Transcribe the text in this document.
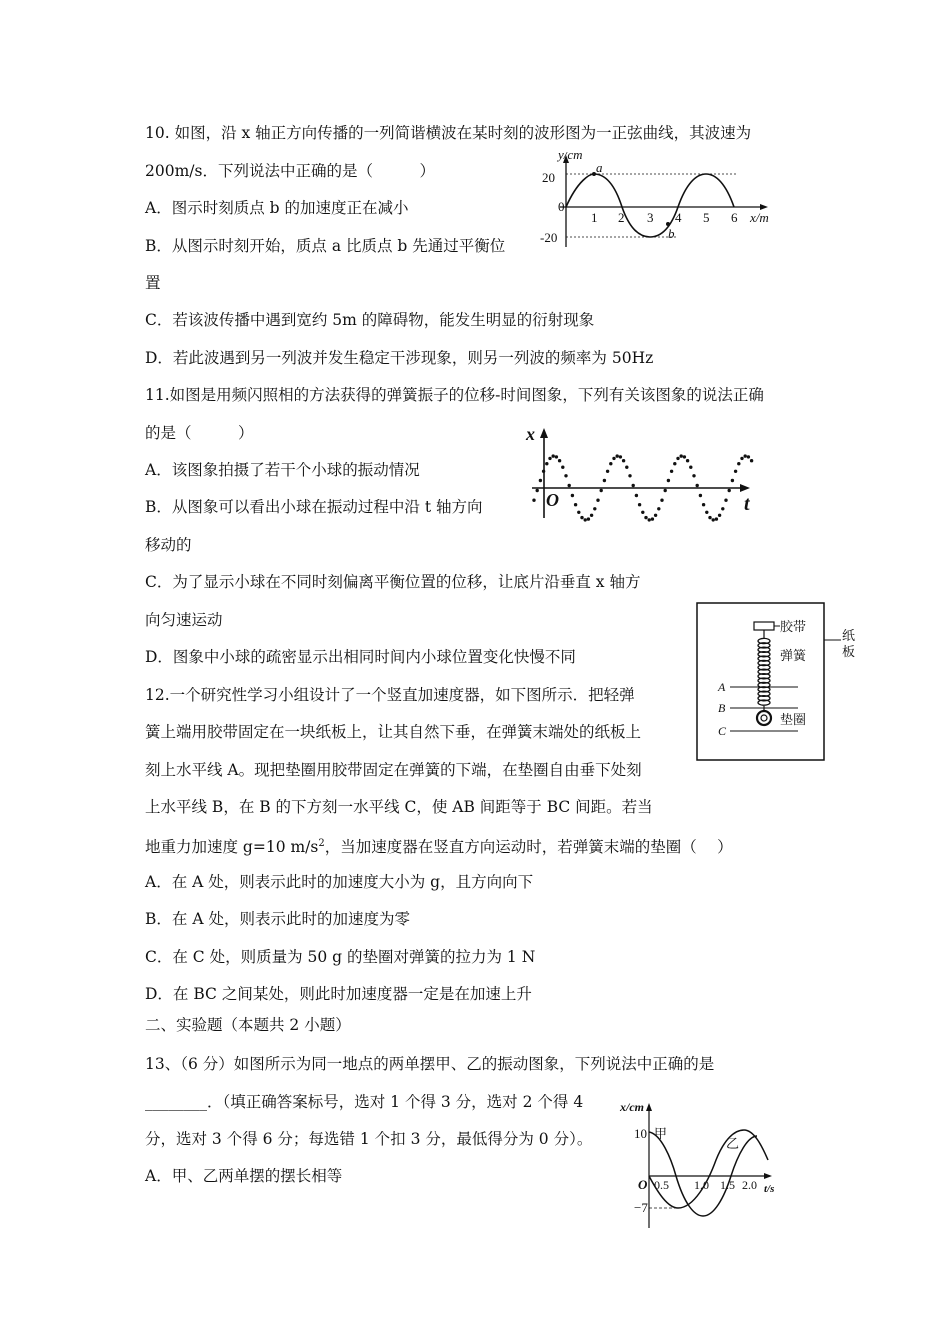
10. 如图，沿 x 轴正方向传播的一列简谐横波在某时刻的波形图为一正弦曲线，其波速为
200m/s．下列说法中正确的是（　　　）
A．图示时刻质点 b 的加速度正在减小
B．从图示时刻开始，质点 a 比质点 b 先通过平衡位
置
C．若该波传播中遇到宽约 5m 的障碍物，能发生明显的衍射现象
D．若此波遇到另一列波并发生稳定干涉现象，则另一列波的频率为 50Hz
y/cm
20
-20
0
1 2 3 4 5 6 x/m
a
b
11.如图是用频闪照相的方法获得的弹簧振子的位移-时间图象，下列有关该图象的说法正确
的是（　　　）
A．该图象拍摄了若干个小球的振动情况
B．从图象可以看出小球在振动过程中沿 t 轴方向
移动的
C．为了显示小球在不同时刻偏离平衡位置的位移，让底片沿垂直 x 轴方
向匀速运动
D．图象中小球的疏密显示出相同时间内小球位置变化快慢不同
x
O	t
12.一个研究性学习小组设计了一个竖直加速度器，如下图所示．把轻弹
簧上端用胶带固定在一块纸板上，让其自然下垂，在弹簧末端处的纸板上
刻上水平线 A。现把垫圈用胶带固定在弹簧的下端，在垫圈自由垂下处刻
上水平线 B，在 B 的下方刻一水平线 C，使 AB 间距等于 BC 间距。若当
地重力加速度 g=10 $m/s^2$，当加速度器在竖直方向运动时，若弹簧末端的垫圈（　 ）
A．在 A 处，则表示此时的加速度大小为 g，且方向向下
B．在 A 处，则表示此时的加速度为零
C．在 C 处，则质量为 50 g 的垫圈对弹簧的拉力为 1 N
D．在 BC 之间某处，则此时加速度器一定是在加速上升
胶带
弹簧
垫圈
纸
板
A
B
C
二、实验题（本题共 2 小题）
13、（6 分）如图所示为同一地点的两单摆甲、乙的振动图象，下列说法中正确的是
________．（填正确答案标号，选对 1 个得 3 分，选对 2 个得 4
分，选对 3 个得 6 分；每选错 1 个扣 3 分，最低得分为 0 分）。
A．甲、乙两单摆的摆长相等
x/cm
10
−7
O 0.5 1.0 1.5 2.0 t/s
甲
乙
